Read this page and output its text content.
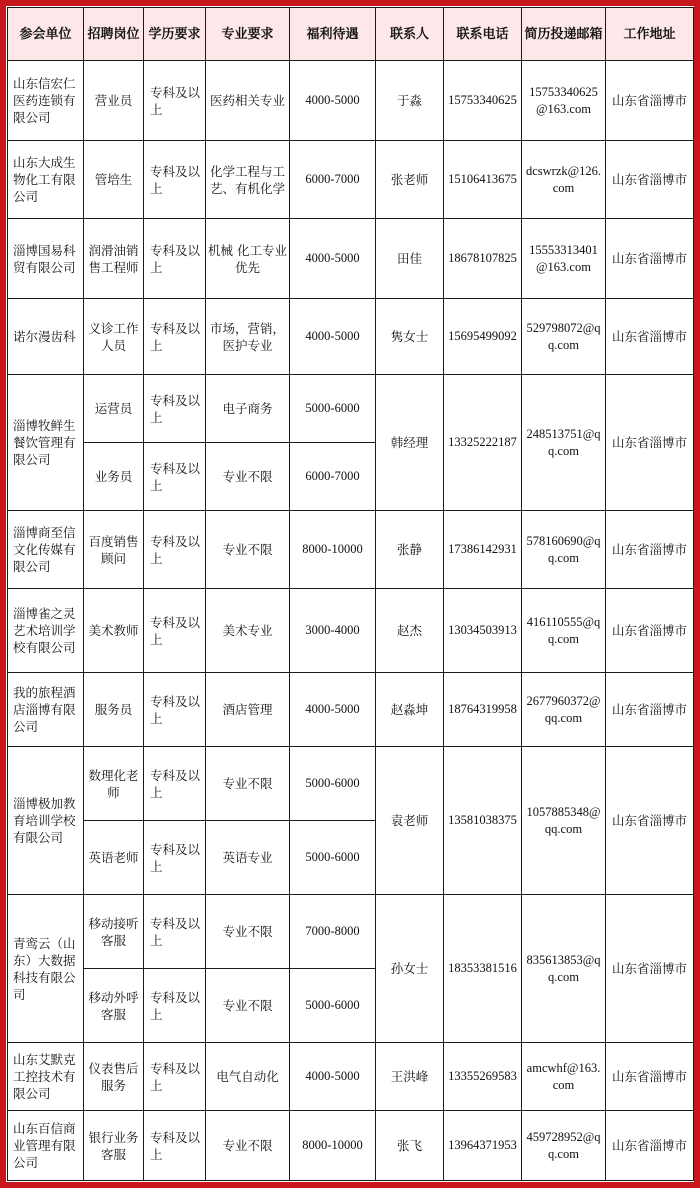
参会单位	招聘岗位	学历要求	专业要求	福利待遇	联系人	联系电话	简历投递邮箱	工作地址
山东信宏仁医药连锁有限公司	营业员	专科及以上	医药相关专业	4000-5000	于淼	15753340625	15753340625@163.com	山东省淄博市
山东大成生物化工有限公司	管培生	专科及以上	化学工程与工艺、有机化学	6000-7000	张老师	15106413675	dcswrzk@126.com	山东省淄博市
淄博国易科贸有限公司	润滑油销售工程师	专科及以上	机械 化工专业优先	4000-5000	田佳	18678107825	15553313401@163.com	山东省淄博市
诺尔漫齿科	义诊工作人员	专科及以上	市场，营销，医护专业	4000-5000	隽女士	15695499092	529798072@qq.com	山东省淄博市
淄博牧鲜生餐饮管理有限公司	运营员	专科及以上	电子商务	5000-6000	韩经理	13325222187	248513751@qq.com	山东省淄博市
	业务员	专科及以上	专业不限	6000-7000				
淄博商至信文化传媒有限公司	百度销售顾问	专科及以上	专业不限	8000-10000	张静	17386142931	578160690@qq.com	山东省淄博市
淄博雀之灵艺术培训学校有限公司	美术教师	专科及以上	美术专业	3000-4000	赵杰	13034503913	416110555@qq.com	山东省淄博市
我的旅程酒店淄博有限公司	服务员	专科及以上	酒店管理	4000-5000	赵淼坤	18764319958	2677960372@qq.com	山东省淄博市
淄博极加教育培训学校有限公司	数理化老师	专科及以上	专业不限	5000-6000	袁老师	13581038375	1057885348@qq.com	山东省淄博市
	英语老师	专科及以上	英语专业	5000-6000				
青鸾云（山东）大数据科技有限公司	移动接听客服	专科及以上	专业不限	7000-8000	孙女士	18353381516	835613853@qq.com	山东省淄博市
	移动外呼客服	专科及以上	专业不限	5000-6000				
山东艾默克工控技术有限公司	仪表售后服务	专科及以上	电气自动化	4000-5000	王洪峰	13355269583	amcwhf@163.com	山东省淄博市
山东百信商业管理有限公司	银行业务客服	专科及以上	专业不限	8000-10000	张飞	13964371953	459728952@qq.com	山东省淄博市
